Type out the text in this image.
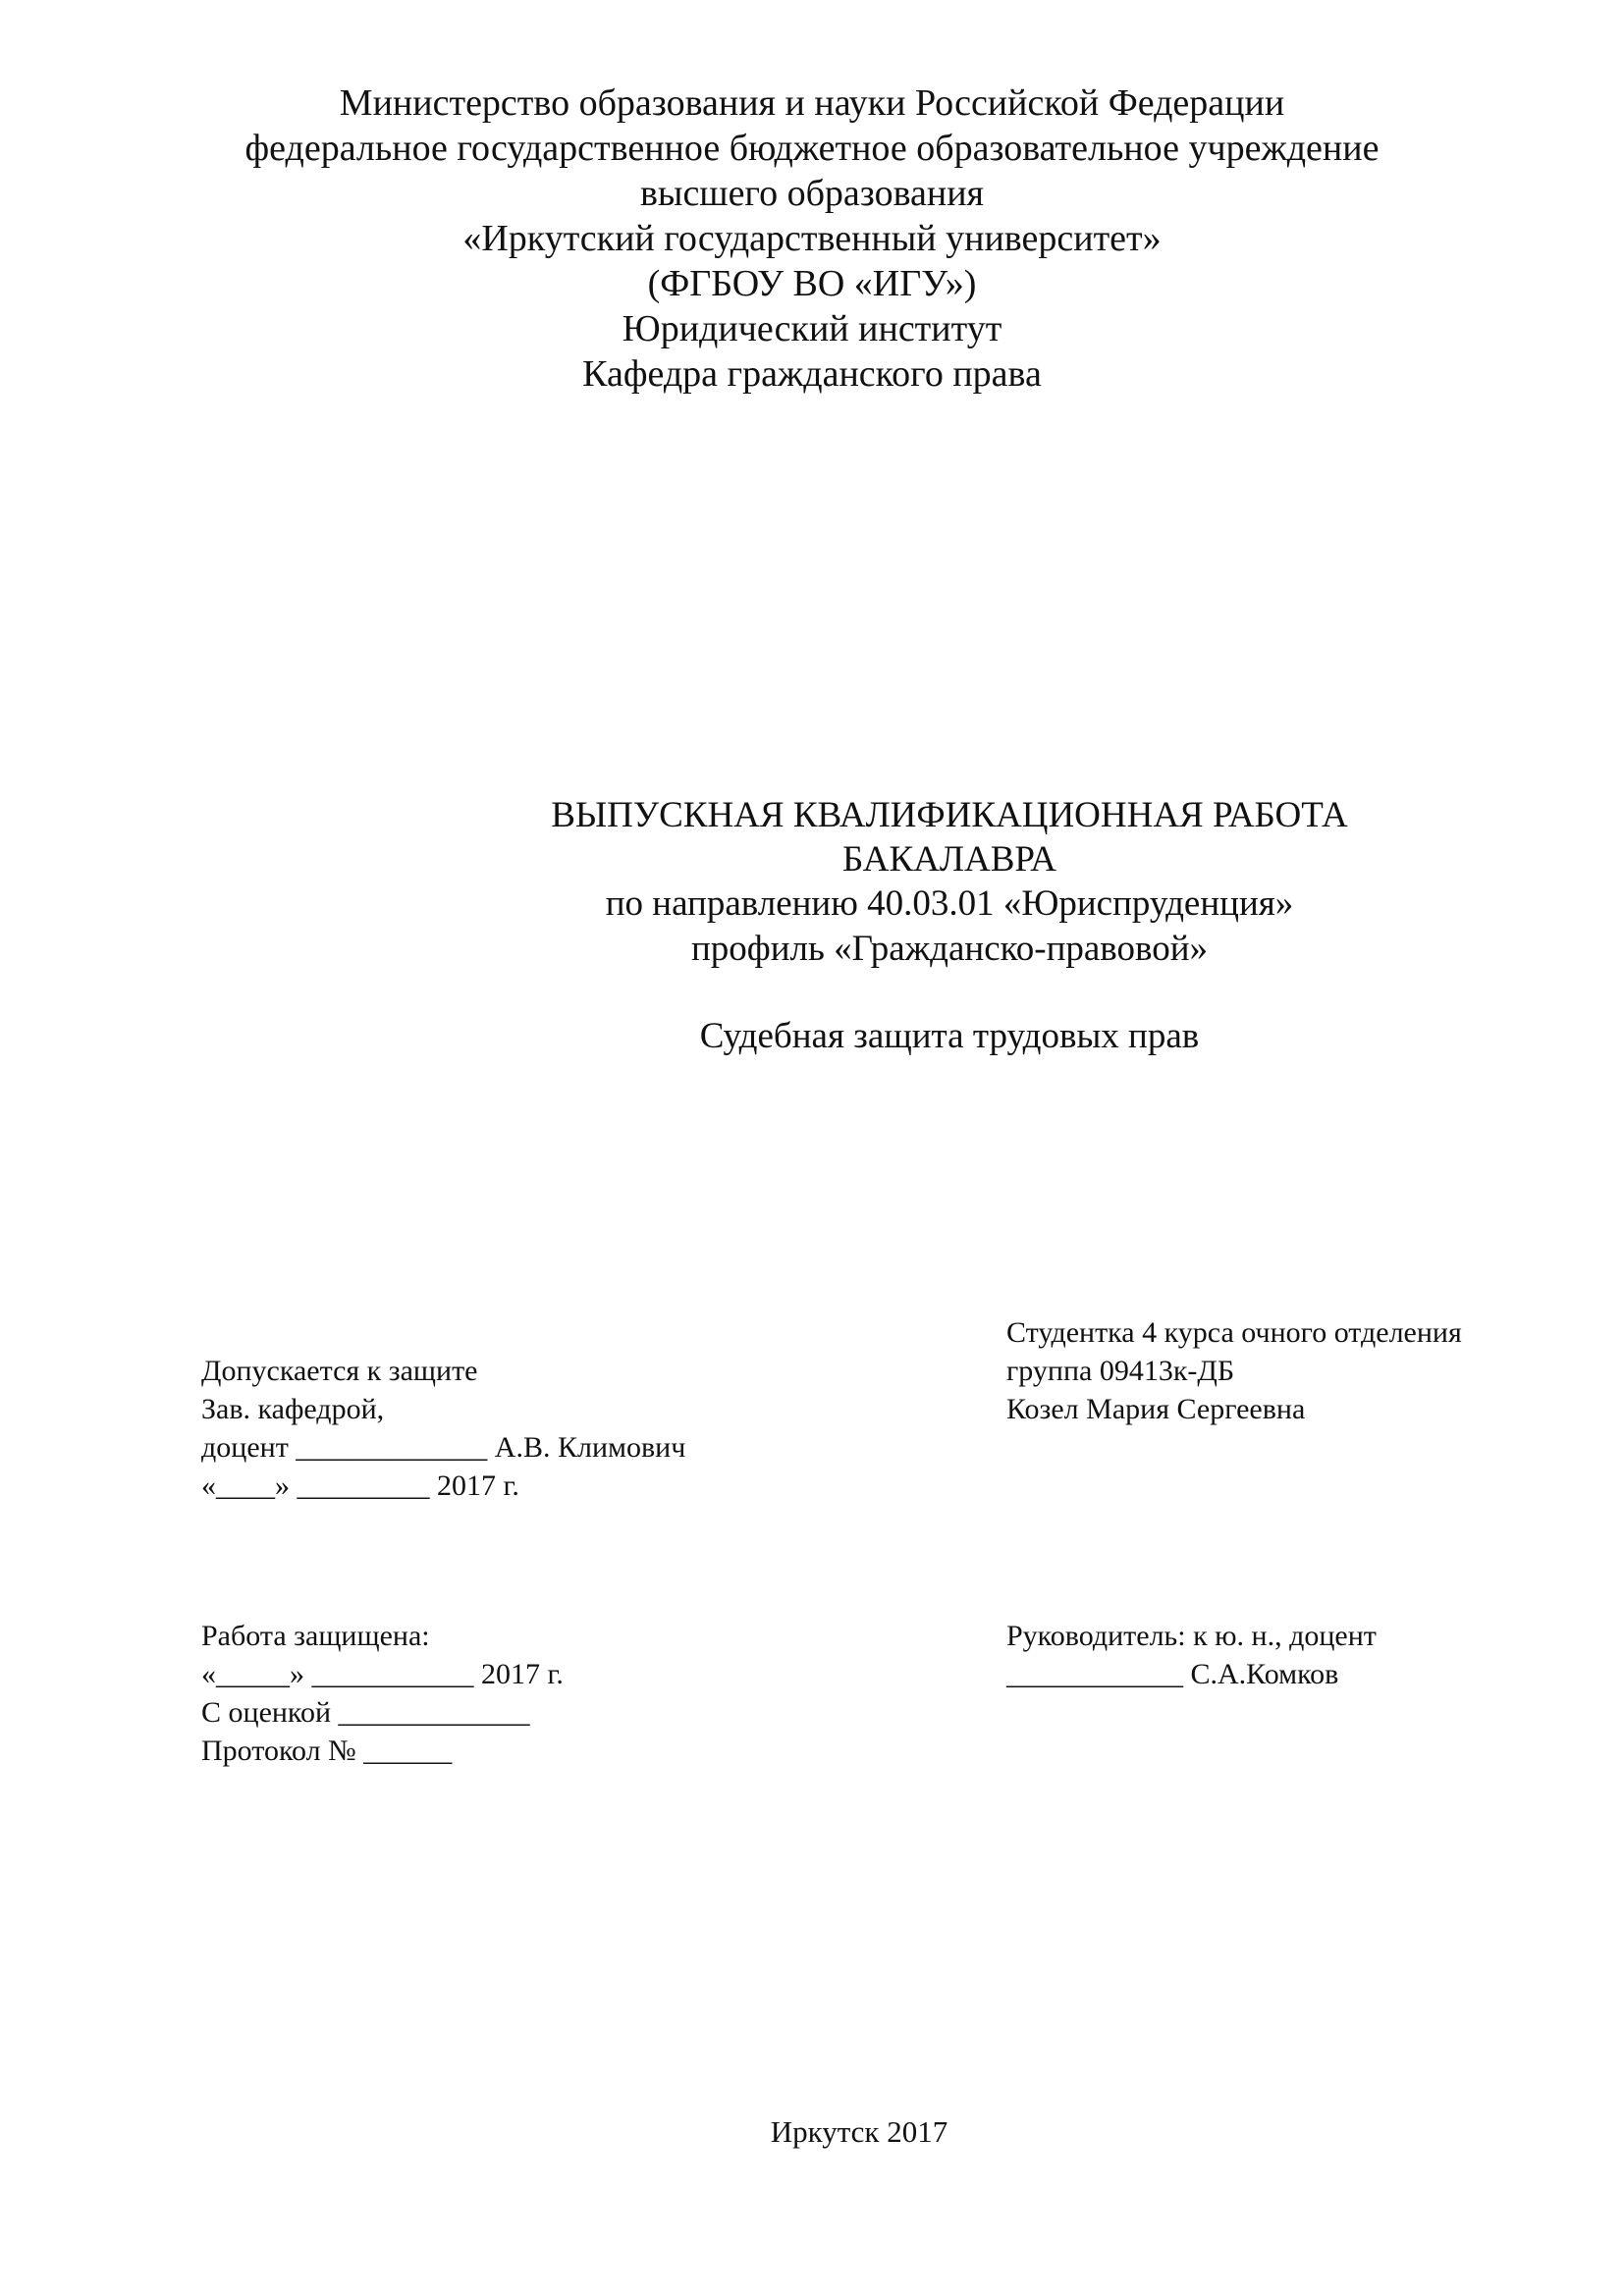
Министерство образования и науки Российской Федерации
федеральное государственное бюджетное образовательное учреждение
высшего образования
«Иркутский государственный университет»
(ФГБОУ ВО «ИГУ»)
Юридический институт
Кафедра гражданского права
ВЫПУСКНАЯ КВАЛИФИКАЦИОННАЯ РАБОТА
БАКАЛАВРА
по направлению 40.03.01 «Юриспруденция»
профиль «Гражданско-правовой»
Судебная защита трудовых прав
Студентка 4 курса очного отделения
группа 09413к-ДБ
Козел Мария Сергеевна
Допускается к защите
Зав. кафедрой,
доцент _____________ А.В. Климович
«____» _________ 2017 г.
Работа защищена:
«_____» ___________ 2017 г.
С оценкой _____________
Протокол № ______
Руководитель: к ю. н., доцент
____________ С.А.Комков
Иркутск 2017
